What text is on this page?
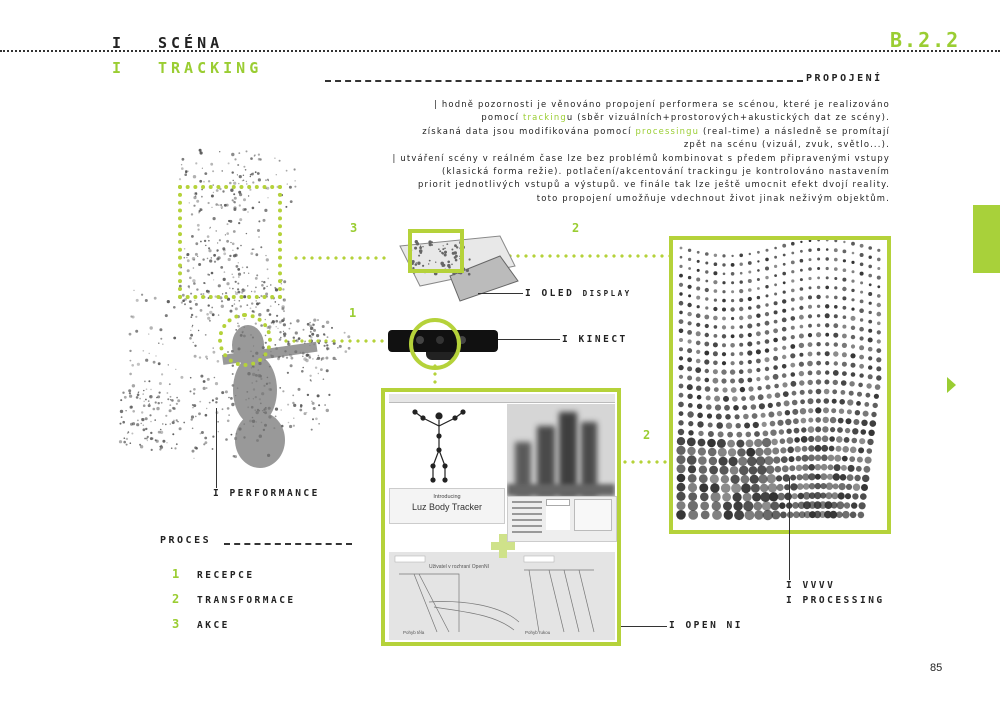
I SCÉNA
I TRACKING
B.2.2
PROPOJENÍ
| hodně pozornosti je věnováno propojení performera se scénou, které je realizováno
pomocí trackingu (sběr vizuálních+prostorových+akustických dat ze scény).
získaná data jsou modifikována pomocí processingu (real-time) a následně se promítají
zpět na scénu (vizuál, zvuk, světlo...).
| utváření scény v reálném čase lze bez problémů kombinovat s předem připravenými vstupy
(klasická forma režie). potlačení/akcentování trackingu je kontrolováno nastavením
priorit jednotlivých vstupů a výstupů. ve finále tak lze ještě umocnit efekt dvojí reality.
toto propojení umožňuje vdechnout život jinak neživým objektům.
3	2
1
2
I OLED DISPLAY
I KINECT
Introducing
Luz Body Tracker
Uživatel v rozhraní OpenNI
Pohyb těla	Pohyb rukou
I OPEN NI
I VVVV
I PROCESSING
I PERFORMANCE
PROCES
1 RECEPCE
2 TRANSFORMACE
3 AKCE
85
